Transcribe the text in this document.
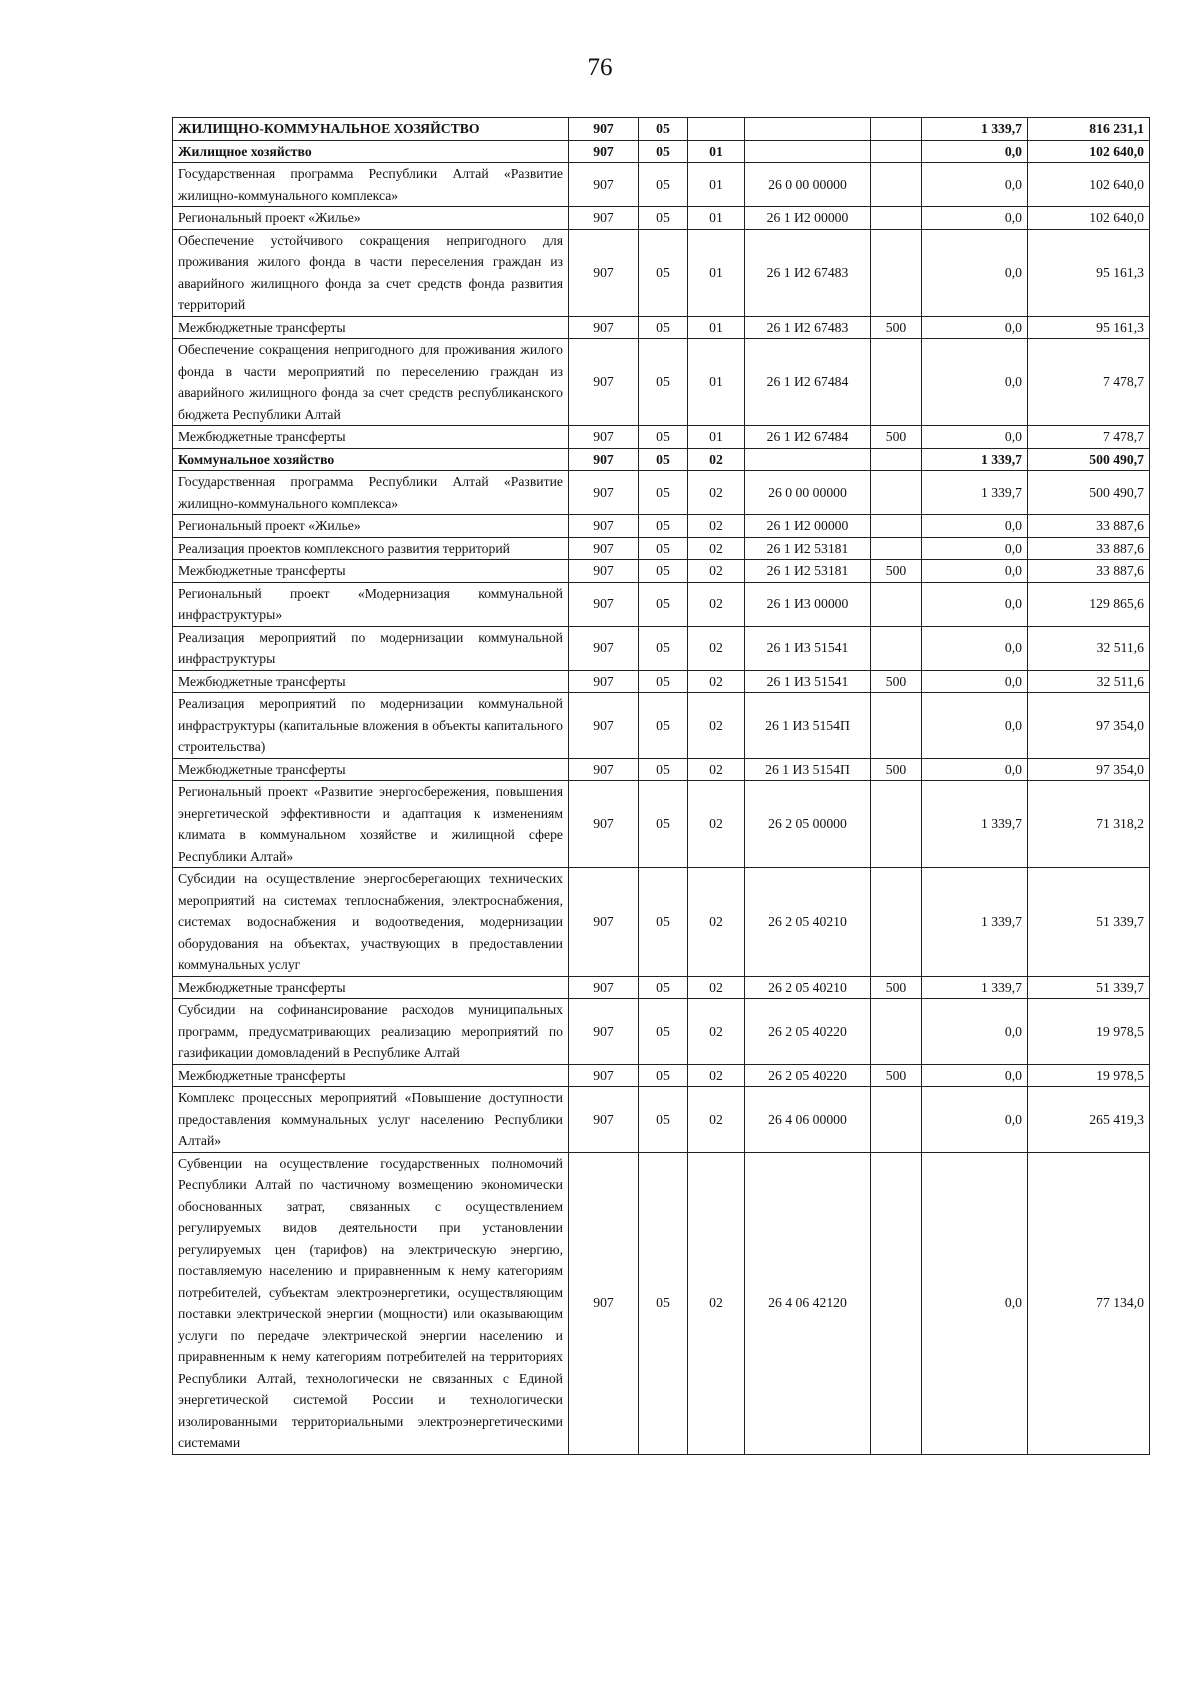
76
ЖИЛИЩНО-КОММУНАЛЬНОЕ ХОЗЯЙСТВО	907	05				1 339,7	816 231,1
Жилищное хозяйство	907	05	01			0,0	102 640,0
Государственная программа Республики Алтай «Развитие жилищно-коммунального комплекса»	907	05	01	26 0 00 00000		0,0	102 640,0
Региональный проект «Жилье»	907	05	01	26 1 И2 00000		0,0	102 640,0
Обеспечение устойчивого сокращения непригодного для проживания жилого фонда в части переселения граждан из аварийного жилищного фонда за счет средств фонда развития территорий	907	05	01	26 1 И2 67483		0,0	95 161,3
Межбюджетные трансферты	907	05	01	26 1 И2 67483	500	0,0	95 161,3
Обеспечение сокращения непригодного для проживания жилого фонда в части мероприятий по переселению граждан из аварийного жилищного фонда за счет средств республиканского бюджета Республики Алтай	907	05	01	26 1 И2 67484		0,0	7 478,7
Межбюджетные трансферты	907	05	01	26 1 И2 67484	500	0,0	7 478,7
Коммунальное хозяйство	907	05	02			1 339,7	500 490,7
Государственная программа Республики Алтай «Развитие жилищно-коммунального комплекса»	907	05	02	26 0 00 00000		1 339,7	500 490,7
Региональный проект «Жилье»	907	05	02	26 1 И2 00000		0,0	33 887,6
Реализация проектов комплексного развития территорий	907	05	02	26 1 И2 53181		0,0	33 887,6
Межбюджетные трансферты	907	05	02	26 1 И2 53181	500	0,0	33 887,6
Региональный проект «Модернизация коммунальной инфраструктуры»	907	05	02	26 1 И3 00000		0,0	129 865,6
Реализация мероприятий по модернизации коммунальной инфраструктуры	907	05	02	26 1 И3 51541		0,0	32 511,6
Межбюджетные трансферты	907	05	02	26 1 И3 51541	500	0,0	32 511,6
Реализация мероприятий по модернизации коммунальной инфраструктуры (капитальные вложения в объекты капитального строительства)	907	05	02	26 1 И3 5154П		0,0	97 354,0
Межбюджетные трансферты	907	05	02	26 1 И3 5154П	500	0,0	97 354,0
Региональный проект «Развитие энергосбережения, повышения энергетической эффективности и адаптация к изменениям климата в коммунальном хозяйстве и жилищной сфере Республики Алтай»	907	05	02	26 2 05 00000		1 339,7	71 318,2
Субсидии на осуществление энергосберегающих технических мероприятий на системах теплоснабжения, электроснабжения, системах водоснабжения и водоотведения, модернизации оборудования на объектах, участвующих в предоставлении коммунальных услуг	907	05	02	26 2 05 40210		1 339,7	51 339,7
Межбюджетные трансферты	907	05	02	26 2 05 40210	500	1 339,7	51 339,7
Субсидии на софинансирование расходов муниципальных программ, предусматривающих реализацию мероприятий по газификации домовладений в Республике Алтай	907	05	02	26 2 05 40220		0,0	19 978,5
Межбюджетные трансферты	907	05	02	26 2 05 40220	500	0,0	19 978,5
Комплекс процессных мероприятий «Повышение доступности предоставления коммунальных услуг населению Республики Алтай»	907	05	02	26 4 06 00000		0,0	265 419,3
Субвенции на осуществление государственных полномочий Республики Алтай по частичному возмещению экономически обоснованных затрат, связанных с осуществлением регулируемых видов деятельности при установлении регулируемых цен (тарифов) на электрическую энергию, поставляемую населению и приравненным к нему категориям потребителей, субъектам электроэнергетики, осуществляющим поставки электрической энергии (мощности) или оказывающим услуги по передаче электрической энергии населению и приравненным к нему категориям потребителей на территориях Республики Алтай, технологически не связанных с Единой энергетической системой России и технологически изолированными территориальными электроэнергетическими системами	907	05	02	26 4 06 42120		0,0	77 134,0
